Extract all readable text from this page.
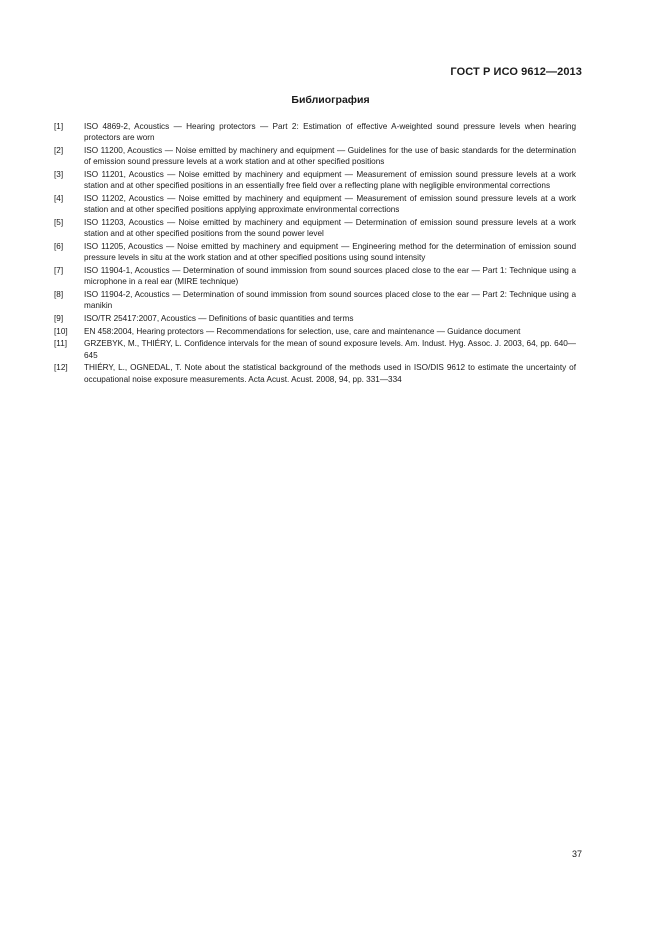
ГОСТ Р ИСО 9612—2013
Библиография
[1]	ISO 4869-2, Acoustics — Hearing protectors — Part 2: Estimation of effective A-weighted sound pressure levels when hearing protectors are worn
[2]	ISO 11200, Acoustics — Noise emitted by machinery and equipment — Guidelines for the use of basic standards for the determination of emission sound pressure levels at a work station and at other specified positions
[3]	ISO 11201, Acoustics — Noise emitted by machinery and equipment — Measurement of emission sound pressure levels at a work station and at other specified positions in an essentially free field over a reflecting plane with negligible environmental corrections
[4]	ISO 11202, Acoustics — Noise emitted by machinery and equipment — Measurement of emission sound pressure levels at a work station and at other specified positions applying approximate environmental corrections
[5]	ISO 11203, Acoustics — Noise emitted by machinery and equipment — Determination of emission sound pressure levels at a work station and at other specified positions from the sound power level
[6]	ISO 11205, Acoustics — Noise emitted by machinery and equipment — Engineering method for the determination of emission sound pressure levels in situ at the work station and at other specified positions using sound intensity
[7]	ISO 11904-1, Acoustics — Determination of sound immission from sound sources placed close to the ear — Part 1: Technique using a microphone in a real ear (MIRE technique)
[8]	ISO 11904-2, Acoustics — Determination of sound immission from sound sources placed close to the ear — Part 2: Technique using a manikin
[9]	ISO/TR 25417:2007, Acoustics — Definitions of basic quantities and terms
[10]	EN 458:2004, Hearing protectors — Recommendations for selection, use, care and maintenance — Guidance document
[11]	GRZEBYK, M., THIÉRY, L. Confidence intervals for the mean of sound exposure levels. Am. Indust. Hyg. Assoc. J. 2003, 64, pp. 640—645
[12]	THIÉRY, L., OGNEDAL, T. Note about the statistical background of the methods used in ISO/DIS 9612 to estimate the uncertainty of occupational noise exposure measurements. Acta Acust. Acust. 2008, 94, pp. 331—334
37
